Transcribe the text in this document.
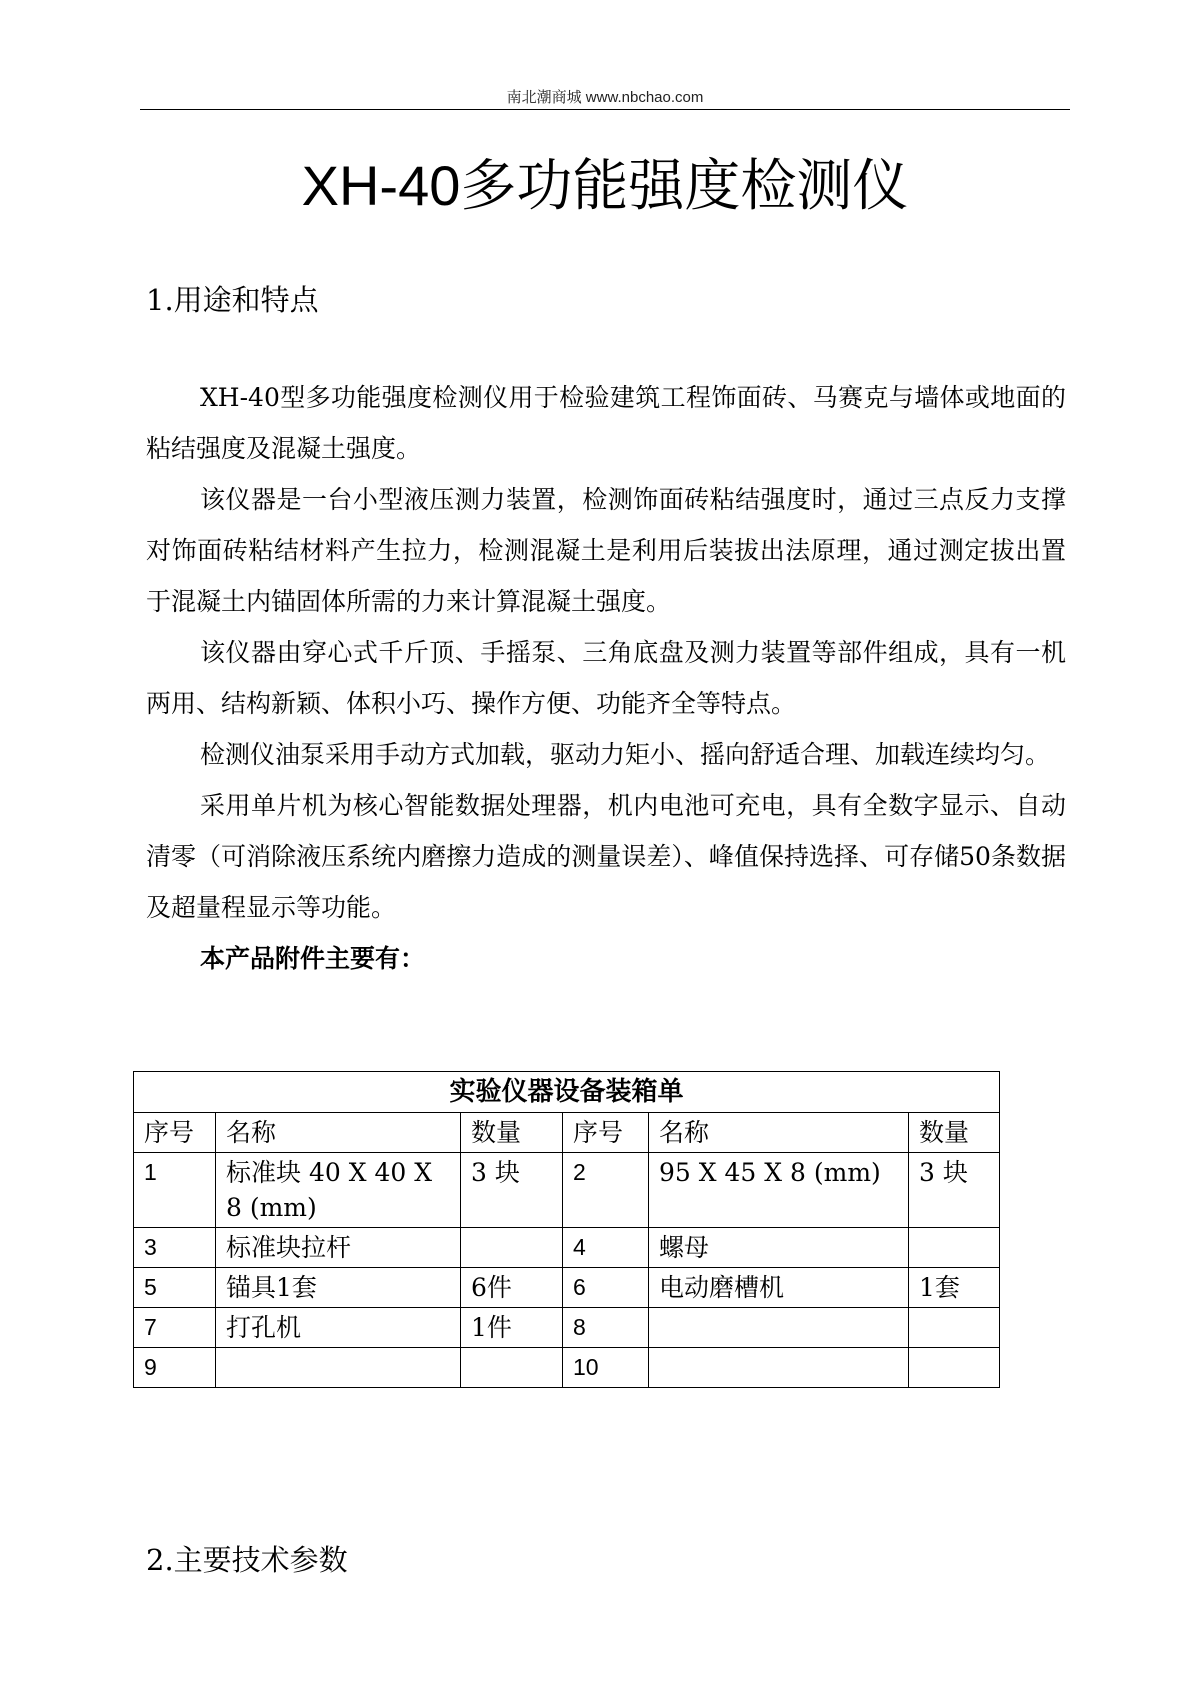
南北潮商城 www.nbchao.com
XH-40多功能强度检测仪
1.用途和特点

XH-40型多功能强度检测仪用于检验建筑工程饰面砖、马赛克与墙体或地面的粘结强度及混凝土强度。

该仪器是一台小型液压测力装置，检测饰面砖粘结强度时，通过三点反力支撑对饰面砖粘结材料产生拉力，检测混凝土是利用后装拔出法原理，通过测定拔出置于混凝土内锚固体所需的力来计算混凝土强度。

该仪器由穿心式千斤顶、手摇泵、三角底盘及测力装置等部件组成，具有一机两用、结构新颖、体积小巧、操作方便、功能齐全等特点。

检测仪油泵采用手动方式加载，驱动力矩小、摇向舒适合理、加载连续均匀。

采用单片机为核心智能数据处理器，机内电池可充电，具有全数字显示、自动清零（可消除液压系统内磨擦力造成的测量误差）、峰值保持选择、可存储50条数据及超量程显示等功能。

本产品附件主要有：

实验仪器设备装箱单					
序号	名称	数量	序号	名称	数量
1	标准块 40 X 40 X 8 (mm)	3 块	2	95 X 45 X 8 (mm)	3 块
3	标准块拉杆		4	螺母	
5	锚具1套	6件	6	电动磨槽机	1套
7	打孔机	1件	8		
9			10		
2.主要技术参数
